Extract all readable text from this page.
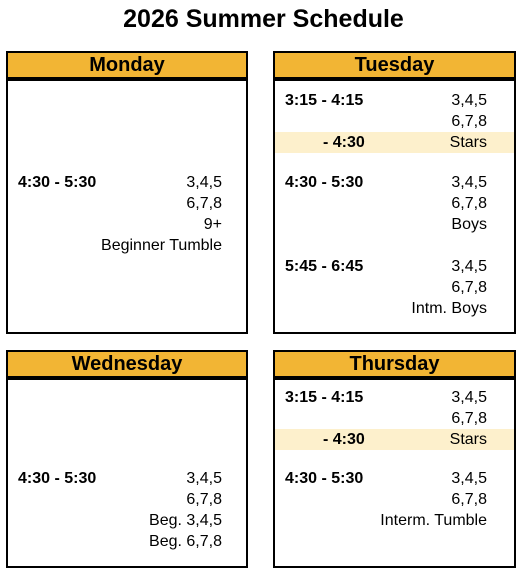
2026 Summer Schedule
Monday
4:30 - 5:30	3,4,5
6,7,8
9+
Beginner Tumble
Tuesday
3:15 - 4:15	3,4,5
6,7,8
- 4:30	Stars
4:30 - 5:30	3,4,5
6,7,8
Boys
5:45 - 6:45	3,4,5
6,7,8
Intm. Boys
Wednesday
4:30 - 5:30	3,4,5
6,7,8
Beg. 3,4,5
Beg. 6,7,8
Thursday
3:15 - 4:15	3,4,5
6,7,8
- 4:30	Stars
4:30 - 5:30	3,4,5
6,7,8
Interm. Tumble
